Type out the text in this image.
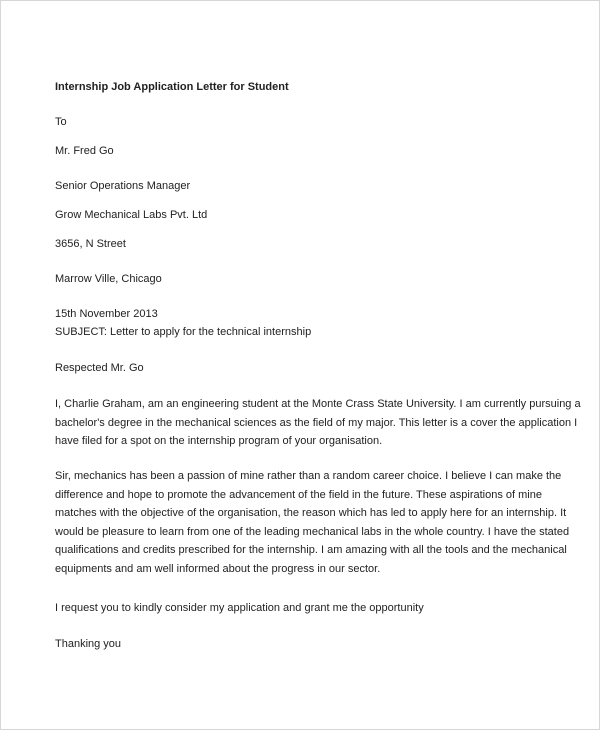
Internship Job Application Letter for Student
To
Mr. Fred Go
Senior Operations Manager
Grow Mechanical Labs Pvt. Ltd
3656, N Street
Marrow Ville, Chicago
15th November 2013
SUBJECT: Letter to apply for the technical internship
Respected Mr. Go
I, Charlie Graham, am an engineering student at the Monte Crass State University. I am currently pursuing a
bachelor's degree in the mechanical sciences as the field of my major. This letter is a cover the application I
have filed for a spot on the internship program of your organisation.
Sir, mechanics has been a passion of mine rather than a random career choice. I believe I can make the
difference and hope to promote the advancement of the field in the future. These aspirations of mine
matches with the objective of the organisation, the reason which has led to apply here for an internship. It
would be pleasure to learn from one of the leading mechanical labs in the whole country. I have the stated
qualifications and credits prescribed for the internship. I am amazing with all the tools and the mechanical
equipments and am well informed about the progress in our sector.
I request you to kindly consider my application and grant me the opportunity
Thanking you
